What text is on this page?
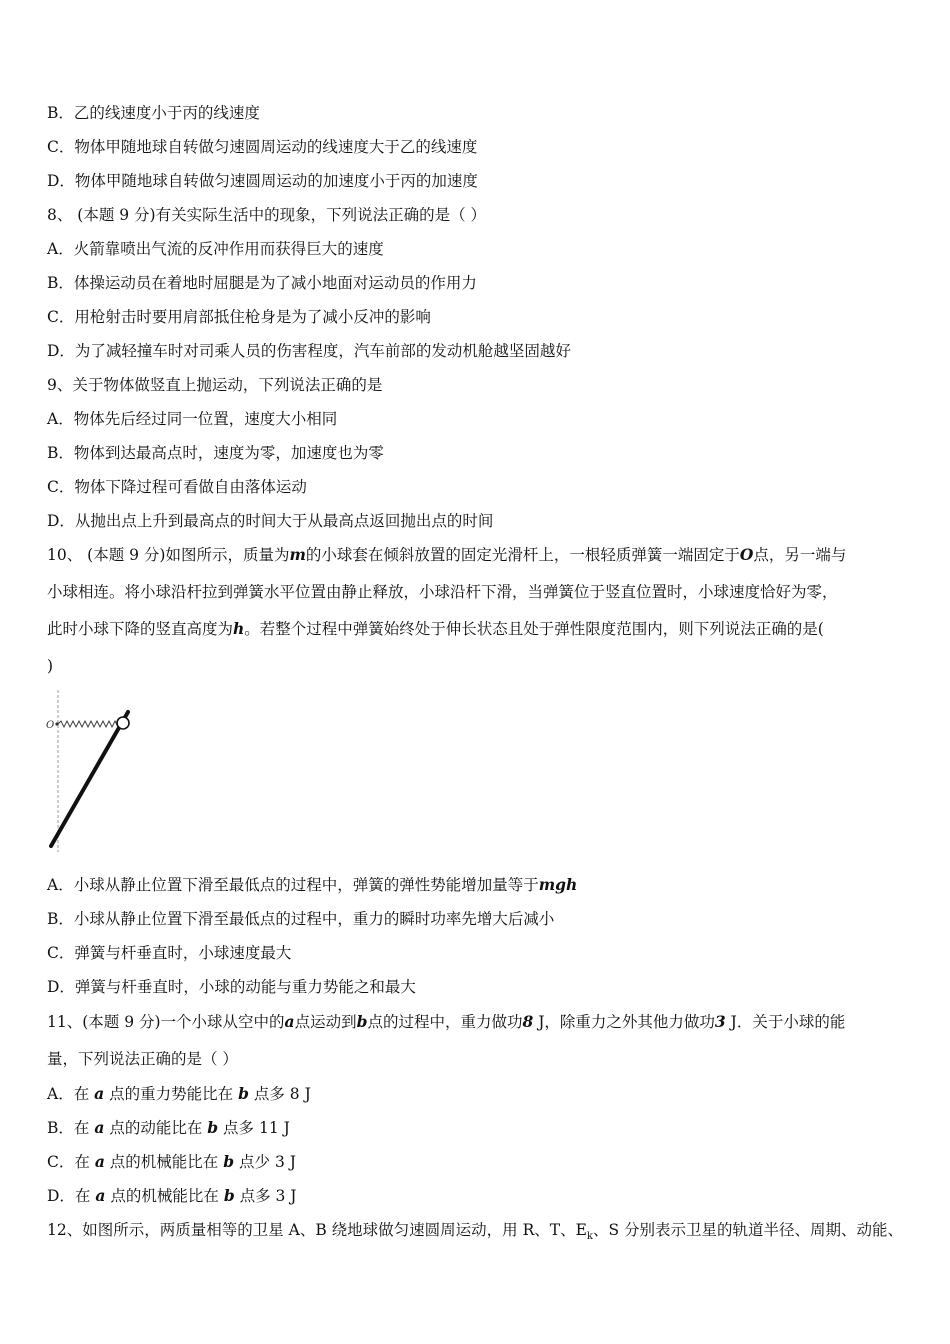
B．乙的线速度小于丙的线速度
C．物体甲随地球自转做匀速圆周运动的线速度大于乙的线速度
D．物体甲随地球自转做匀速圆周运动的加速度小于丙的加速度
8、 (本题 9 分)有关实际生活中的现象，下列说法正确的是（ ）
A．火箭靠喷出气流的反冲作用而获得巨大的速度
B．体操运动员在着地时屈腿是为了减小地面对运动员的作用力
C．用枪射击时要用肩部抵住枪身是为了减小反冲的影响
D．为了减轻撞车时对司乘人员的伤害程度，汽车前部的发动机舱越坚固越好
9、关于物体做竖直上抛运动，下列说法正确的是
A．物体先后经过同一位置，速度大小相同
B．物体到达最高点时，速度为零，加速度也为零
C．物体下降过程可看做自由落体运动
D．从抛出点上升到最高点的时间大于从最高点返回抛出点的时间
10、 (本题 9 分)如图所示，质量为m的小球套在倾斜放置的固定光滑杆上，一根轻质弹簧一端固定于O点，另一端与
小球相连。将小球沿杆拉到弹簧水平位置由静止释放，小球沿杆下滑，当弹簧位于竖直位置时，小球速度恰好为零，
此时小球下降的竖直高度为h。若整个过程中弹簧始终处于伸长状态且处于弹性限度范围内，则下列说法正确的是(
)
O
A．小球从静止位置下滑至最低点的过程中，弹簧的弹性势能增加量等于mgh
B．小球从静止位置下滑至最低点的过程中，重力的瞬时功率先增大后减小
C．弹簧与杆垂直时，小球速度最大
D．弹簧与杆垂直时，小球的动能与重力势能之和最大
11、(本题 9 分)一个小球从空中的a点运动到b点的过程中，重力做功8 J，除重力之外其他力做功3 J．关于小球的能
量，下列说法正确的是（ ）
A．在 a 点的重力势能比在 b 点多 8 J
B．在 a 点的动能比在 b 点多 11 J
C．在 a 点的机械能比在 b 点少 3 J
D．在 a 点的机械能比在 b 点多 3 J
12、如图所示，两质量相等的卫星 A、B 绕地球做匀速圆周运动，用 R、T、$E_k$、S 分别表示卫星的轨道半径、周期、动能、
